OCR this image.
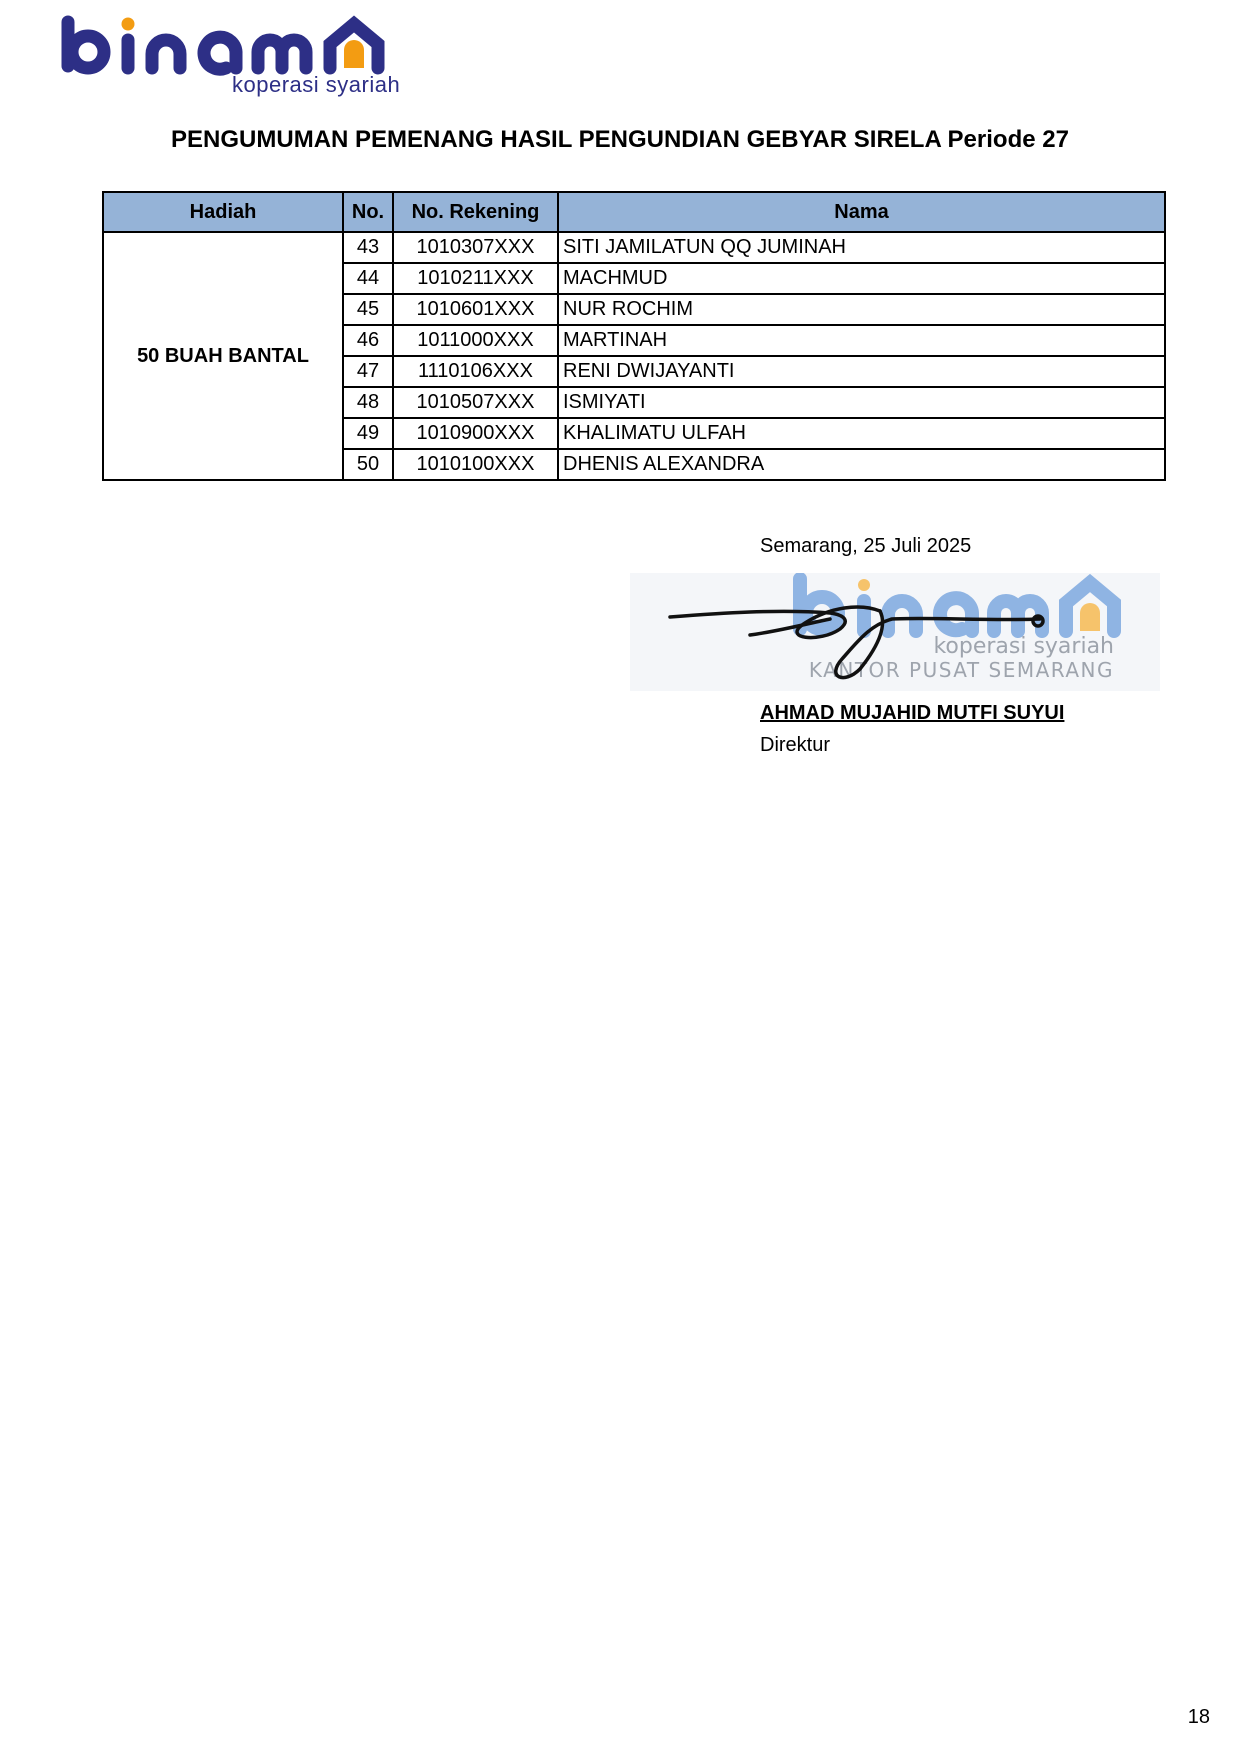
koperasi syariah
PENGUMUMAN PEMENANG HASIL PENGUNDIAN GEBYAR SIRELA Periode 27
Hadiah	No.	No. Rekening	Nama
50 BUAH BANTAL	43	1010307XXX	SITI JAMILATUN QQ JUMINAH
	44	1010211XXX	MACHMUD
	45	1010601XXX	NUR ROCHIM
	46	1011000XXX	MARTINAH
	47	1110106XXX	RENI DWIJAYANTI
	48	1010507XXX	ISMIYATI
	49	1010900XXX	KHALIMATU ULFAH
	50	1010100XXX	DHENIS ALEXANDRA
Semarang, 25 Juli 2025
koperasi syariah
KANTOR PUSAT SEMARANG
AHMAD MUJAHID MUTFI SUYUI
Direktur
18
